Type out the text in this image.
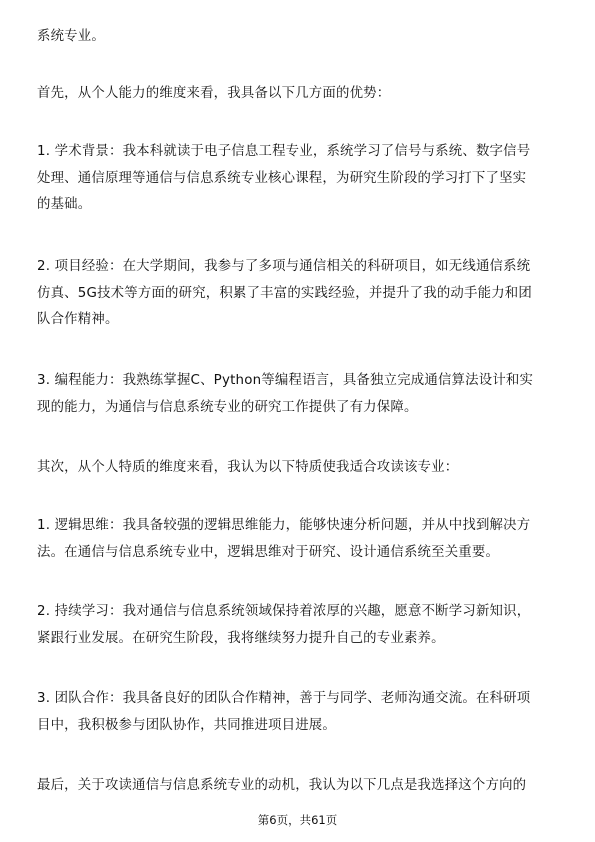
系统专业。

首先，从个人能力的维度来看，我具备以下几方面的优势：

1. 学术背景：我本科就读于电子信息工程专业，系统学习了信号与系统、数字信号
处理、通信原理等通信与信息系统专业核心课程，为研究生阶段的学习打下了坚实
的基础。

2. 项目经验：在大学期间，我参与了多项与通信相关的科研项目，如无线通信系统
仿真、5G技术等方面的研究，积累了丰富的实践经验，并提升了我的动手能力和团
队合作精神。

3. 编程能力：我熟练掌握C、Python等编程语言，具备独立完成通信算法设计和实
现的能力，为通信与信息系统专业的研究工作提供了有力保障。

其次，从个人特质的维度来看，我认为以下特质使我适合攻读该专业：

1. 逻辑思维：我具备较强的逻辑思维能力，能够快速分析问题，并从中找到解决方
法。在通信与信息系统专业中，逻辑思维对于研究、设计通信系统至关重要。

2. 持续学习：我对通信与信息系统领域保持着浓厚的兴趣，愿意不断学习新知识，
紧跟行业发展。在研究生阶段，我将继续努力提升自己的专业素养。

3. 团队合作：我具备良好的团队合作精神，善于与同学、老师沟通交流。在科研项
目中，我积极参与团队协作，共同推进项目进展。

最后，关于攻读通信与信息系统专业的动机，我认为以下几点是我选择这个方向的

第6页，共61页
